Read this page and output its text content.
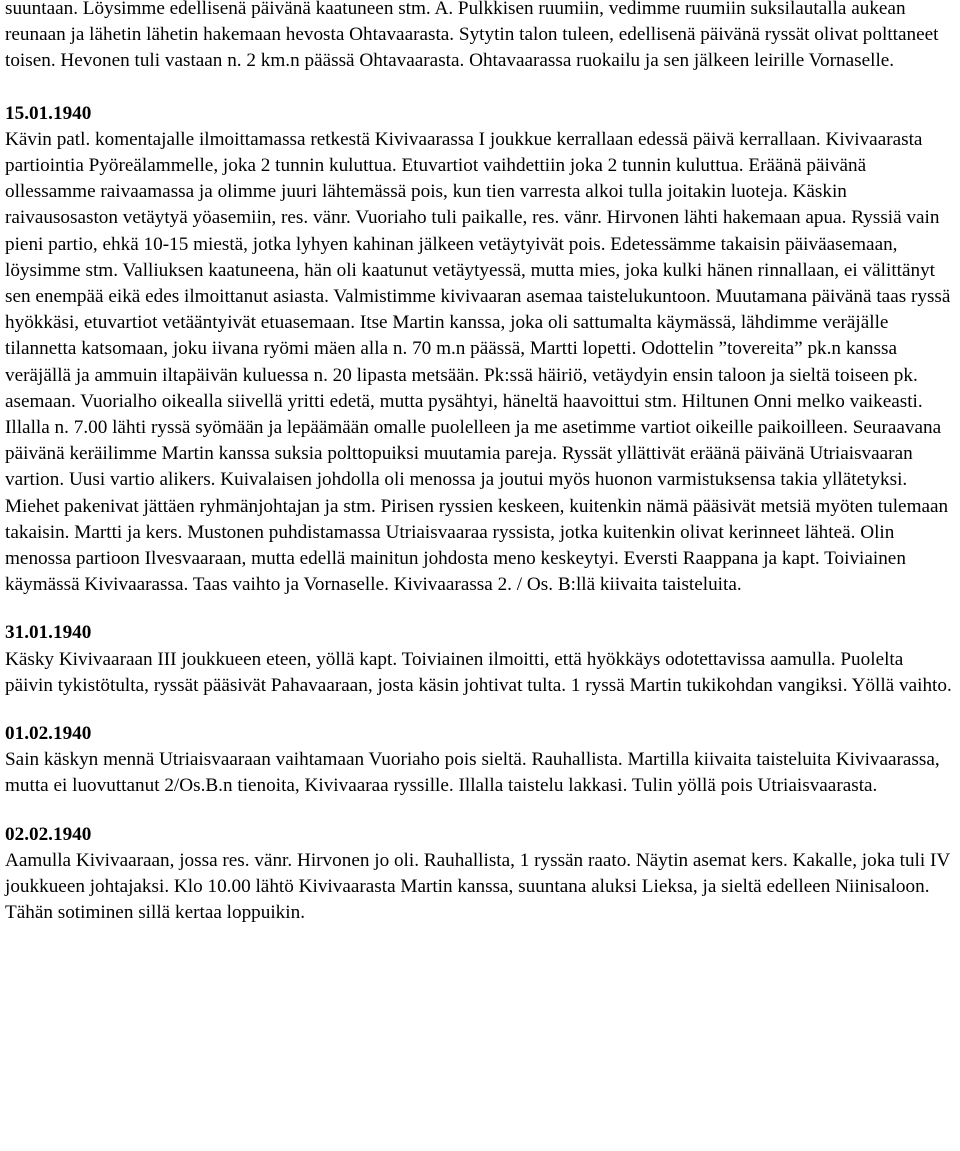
suuntaan. Löysimme edellisenä päivänä kaatuneen stm. A. Pulkkisen ruumiin, vedimme ruumiin suksilautalla aukean reunaan ja lähetin lähetin hakemaan hevosta Ohtavaarasta. Sytytin talon tuleen, edellisenä päivänä ryssät olivat polttaneet toisen. Hevonen tuli vastaan n. 2 km.n päässä Ohtavaarasta. Ohtavaarassa ruokailu ja sen jälkeen leirille Vornaselle.

15.01.1940

Kävin patl. komentajalle ilmoittamassa retkestä Kivivaarassa I joukkue kerrallaan edessä päivä kerrallaan. Kivivaarasta partiointia Pyöreälammelle, joka 2 tunnin kuluttua. Etuvartiot vaihdettiin joka 2 tunnin kuluttua. Eräänä päivänä ollessamme raivaamassa ja olimme juuri lähtemässä pois, kun tien varresta alkoi tulla joitakin luoteja. Käskin raivausosaston vetäytyä yöasemiin, res. vänr. Vuoriaho tuli paikalle, res. vänr. Hirvonen lähti hakemaan apua. Ryssiä vain pieni partio, ehkä 10-15 miestä, jotka lyhyen kahinan jälkeen vetäytyivät pois. Edetessämme takaisin päiväasemaan, löysimme stm. Valliuksen kaatuneena, hän oli kaatunut vetäytyessä, mutta mies, joka kulki hänen rinnallaan, ei välittänyt sen enempää eikä edes ilmoittanut asiasta. Valmistimme kivivaaran asemaa taistelukuntoon. Muutamana päivänä taas ryssä hyökkäsi, etuvartiot vetääntyivät etuasemaan. Itse Martin kanssa, joka oli sattumalta käymässä, lähdimme veräjälle tilannetta katsomaan, joku iivana ryömi mäen alla n. 70 m.n päässä, Martti lopetti. Odottelin ”tovereita” pk.n kanssa veräjällä ja ammuin iltapäivän kuluessa n. 20 lipasta metsään. Pk:ssä häiriö, vetäydyin ensin taloon ja sieltä toiseen pk. asemaan. Vuorialho oikealla siivellä yritti edetä, mutta pysähtyi, häneltä haavoittui stm. Hiltunen Onni melko vaikeasti. Illalla n. 7.00 lähti ryssä syömään ja lepäämään omalle puolelleen ja me asetimme vartiot oikeille paikoilleen. Seuraavana päivänä keräilimme Martin kanssa suksia polttopuiksi muutamia pareja. Ryssät yllättivät eräänä päivänä Utriaisvaaran vartion. Uusi vartio alikers. Kuivalaisen johdolla oli menossa ja joutui myös huonon varmistuksensa takia yllätetyksi. Miehet pakenivat jättäen ryhmänjohtajan ja stm. Pirisen ryssien keskeen, kuitenkin nämä pääsivät metsiä myöten tulemaan takaisin. Martti ja kers. Mustonen puhdistamassa Utriaisvaaraa ryssista, jotka kuitenkin olivat kerinneet lähteä. Olin menossa partioon Ilvesvaaraan, mutta edellä mainitun johdosta meno keskeytyi. Eversti Raappana ja kapt. Toiviainen käymässä Kivivaarassa. Taas vaihto ja Vornaselle. Kivivaarassa 2. / Os. B:llä kiivaita taisteluita.

31.01.1940

Käsky Kivivaaraan III joukkueen eteen, yöllä kapt. Toiviainen ilmoitti, että hyökkäys odotettavissa aamulla. Puolelta päivin tykistötulta, ryssät pääsivät Pahavaaraan, josta käsin johtivat tulta. 1 ryssä Martin tukikohdan vangiksi. Yöllä vaihto.

01.02.1940

Sain käskyn mennä Utriaisvaaraan vaihtamaan Vuoriaho pois sieltä. Rauhallista. Martilla kiivaita taisteluita Kivivaarassa, mutta ei luovuttanut 2/Os.B.n tienoita, Kivivaaraa ryssille. Illalla taistelu lakkasi. Tulin yöllä pois Utriaisvaarasta.

02.02.1940

Aamulla Kivivaaraan, jossa res. vänr. Hirvonen jo oli. Rauhallista, 1 ryssän raato. Näytin asemat kers. Kakalle, joka tuli IV joukkueen johtajaksi. Klo 10.00 lähtö Kivivaarasta Martin kanssa, suuntana aluksi Lieksa, ja sieltä edelleen Niinisaloon. Tähän sotiminen sillä kertaa loppuikin.
